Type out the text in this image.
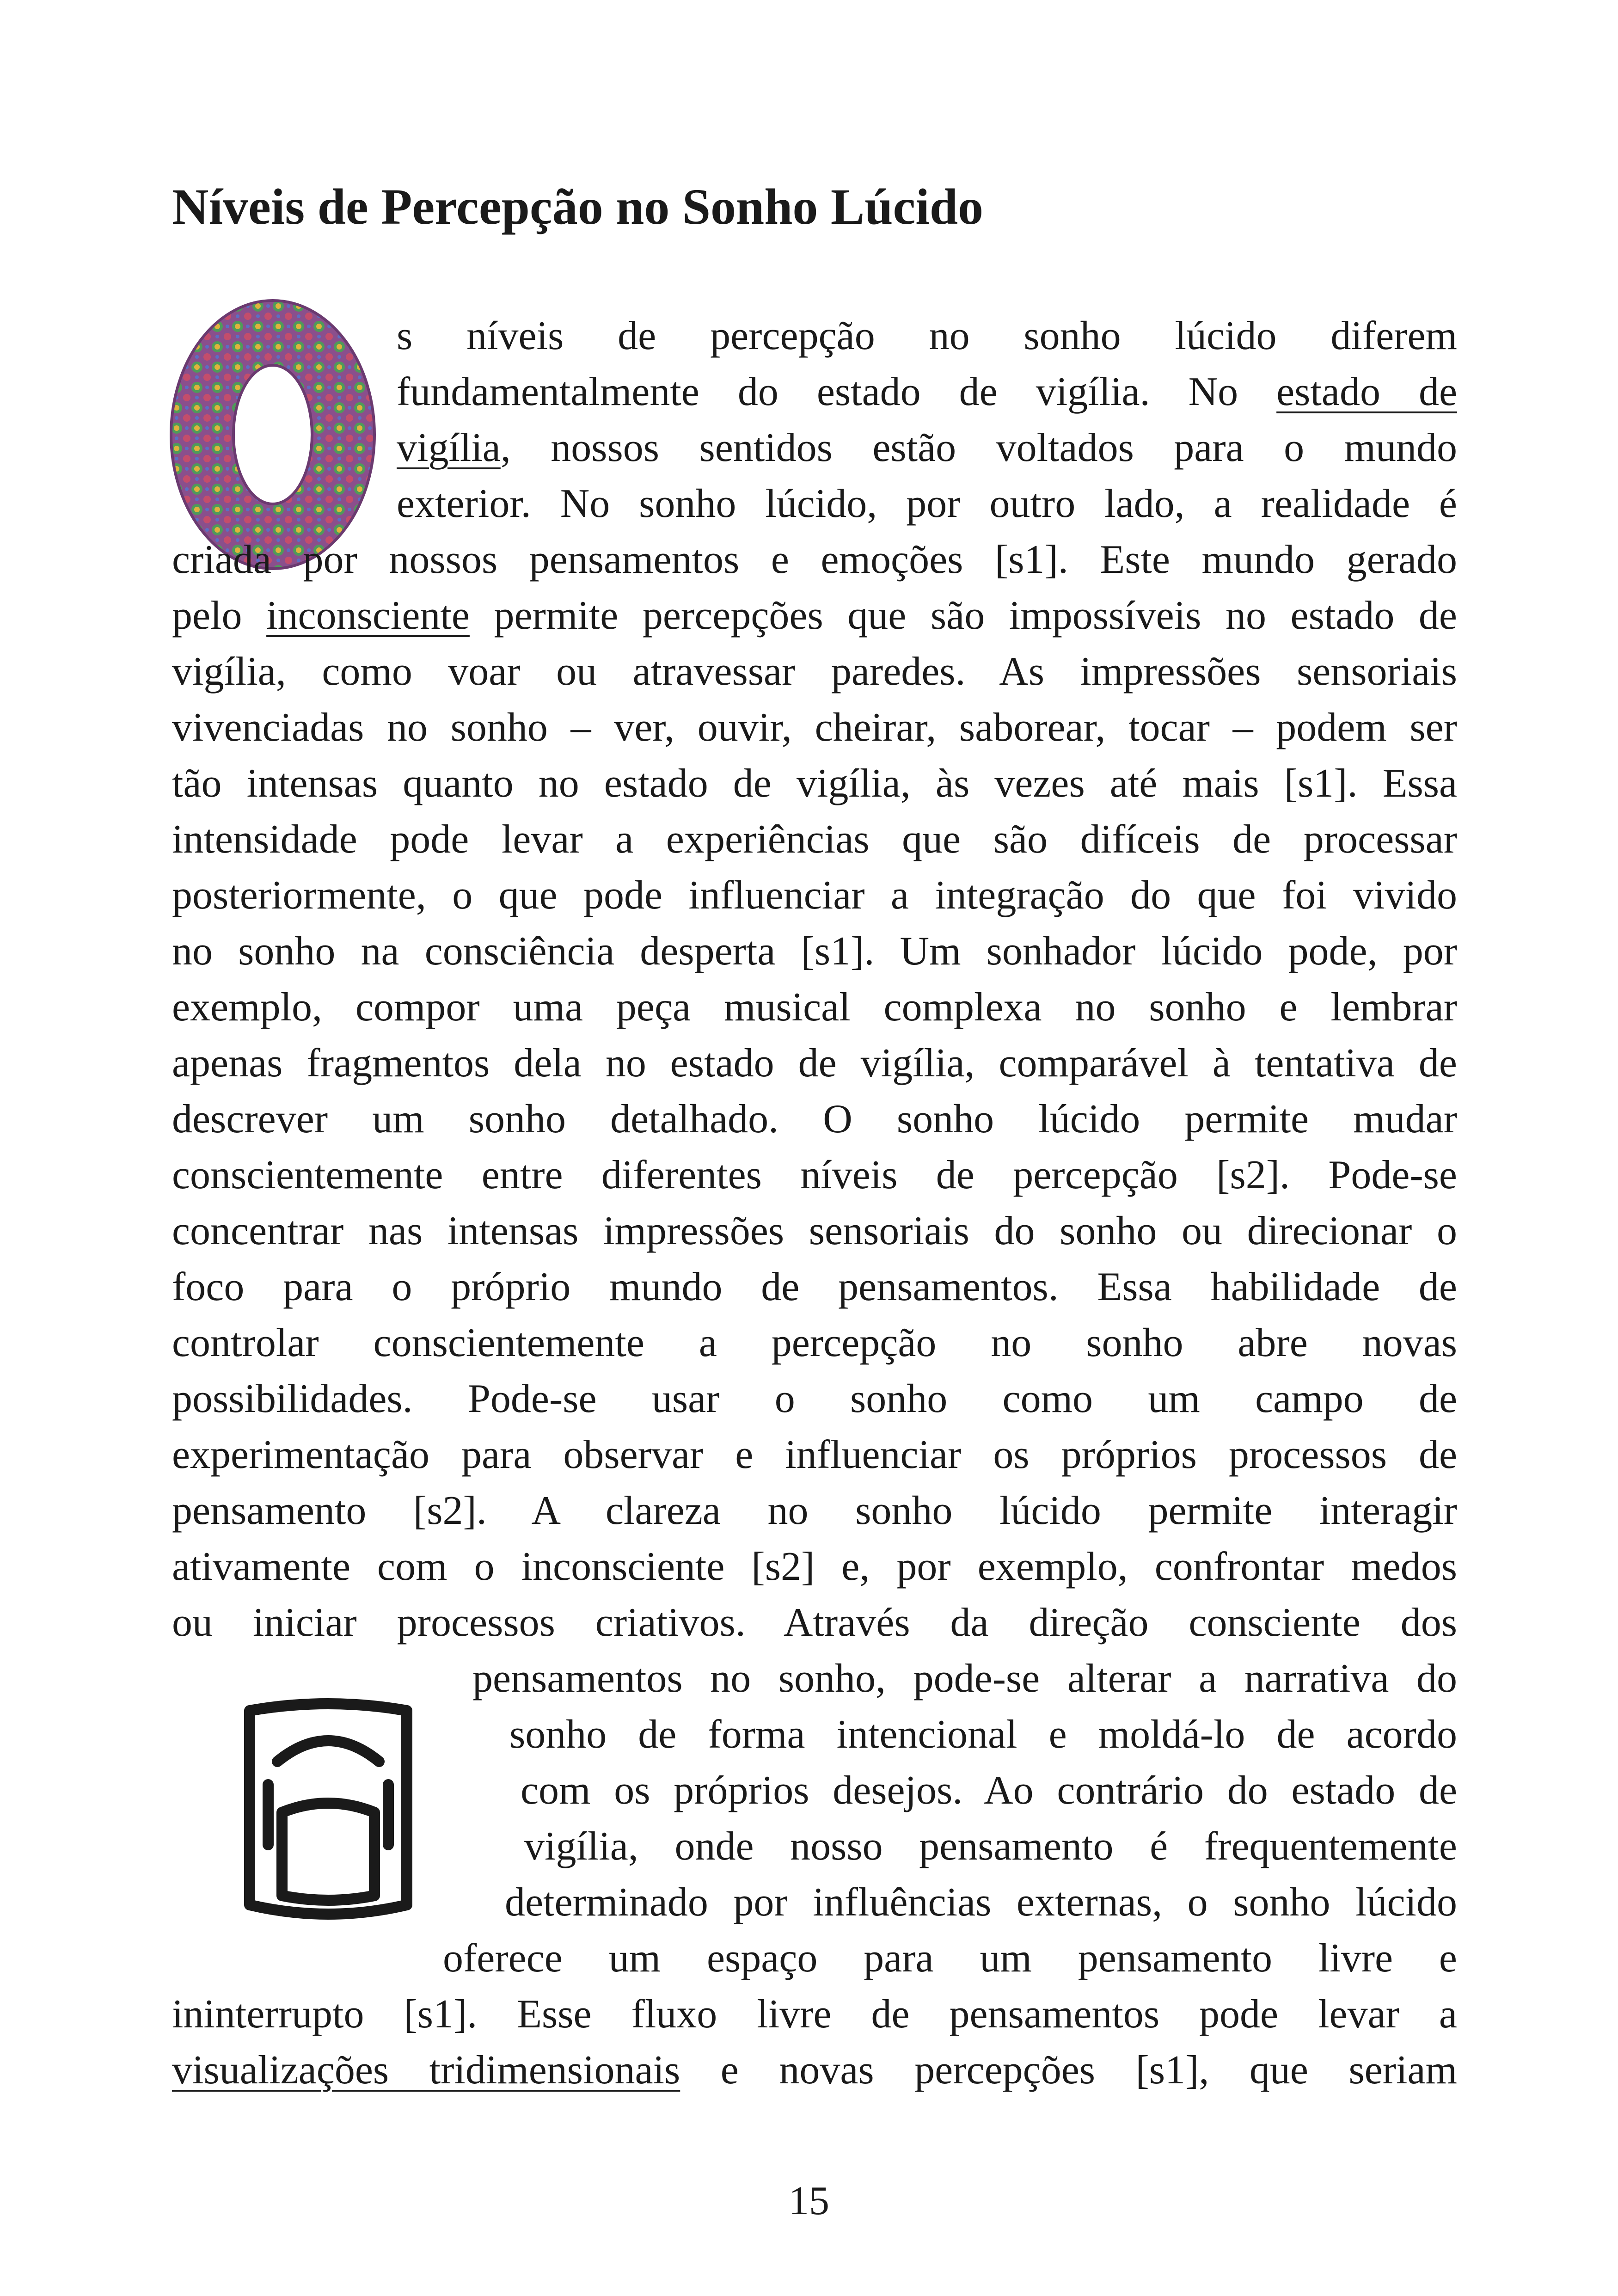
Níveis de Percepção no Sonho Lúcido
O
s níveis de percepção no sonho lúcido diferem
fundamentalmente do estado de vigília. No estado de
vigília, nossos sentidos estão voltados para o mundo
exterior. No sonho lúcido, por outro lado, a realidade é
criada por nossos pensamentos e emoções [s1]. Este mundo gerado
pelo inconsciente permite percepções que são impossíveis no estado de
vigília, como voar ou atravessar paredes. As impressões sensoriais
vivenciadas no sonho – ver, ouvir, cheirar, saborear, tocar – podem ser
tão intensas quanto no estado de vigília, às vezes até mais [s1]. Essa
intensidade pode levar a experiências que são difíceis de processar
posteriormente, o que pode influenciar a integração do que foi vivido
no sonho na consciência desperta [s1]. Um sonhador lúcido pode, por
exemplo, compor uma peça musical complexa no sonho e lembrar
apenas fragmentos dela no estado de vigília, comparável à tentativa de
descrever um sonho detalhado. O sonho lúcido permite mudar
conscientemente entre diferentes níveis de percepção [s2]. Pode-se
concentrar nas intensas impressões sensoriais do sonho ou direcionar o
foco para o próprio mundo de pensamentos. Essa habilidade de
controlar conscientemente a percepção no sonho abre novas
possibilidades. Pode-se usar o sonho como um campo de
experimentação para observar e influenciar os próprios processos de
pensamento [s2]. A clareza no sonho lúcido permite interagir
ativamente com o inconsciente [s2] e, por exemplo, confrontar medos
ou iniciar processos criativos. Através da direção consciente dos
pensamentos no sonho, pode-se alterar a narrativa do
sonho de forma intencional e moldá-lo de acordo
com os próprios desejos. Ao contrário do estado de
vigília, onde nosso pensamento é frequentemente
determinado por influências externas, o sonho lúcido
oferece um espaço para um pensamento livre e
ininterrupto [s1]. Esse fluxo livre de pensamentos pode levar a
visualizações tridimensionais e novas percepções [s1], que seriam
15
